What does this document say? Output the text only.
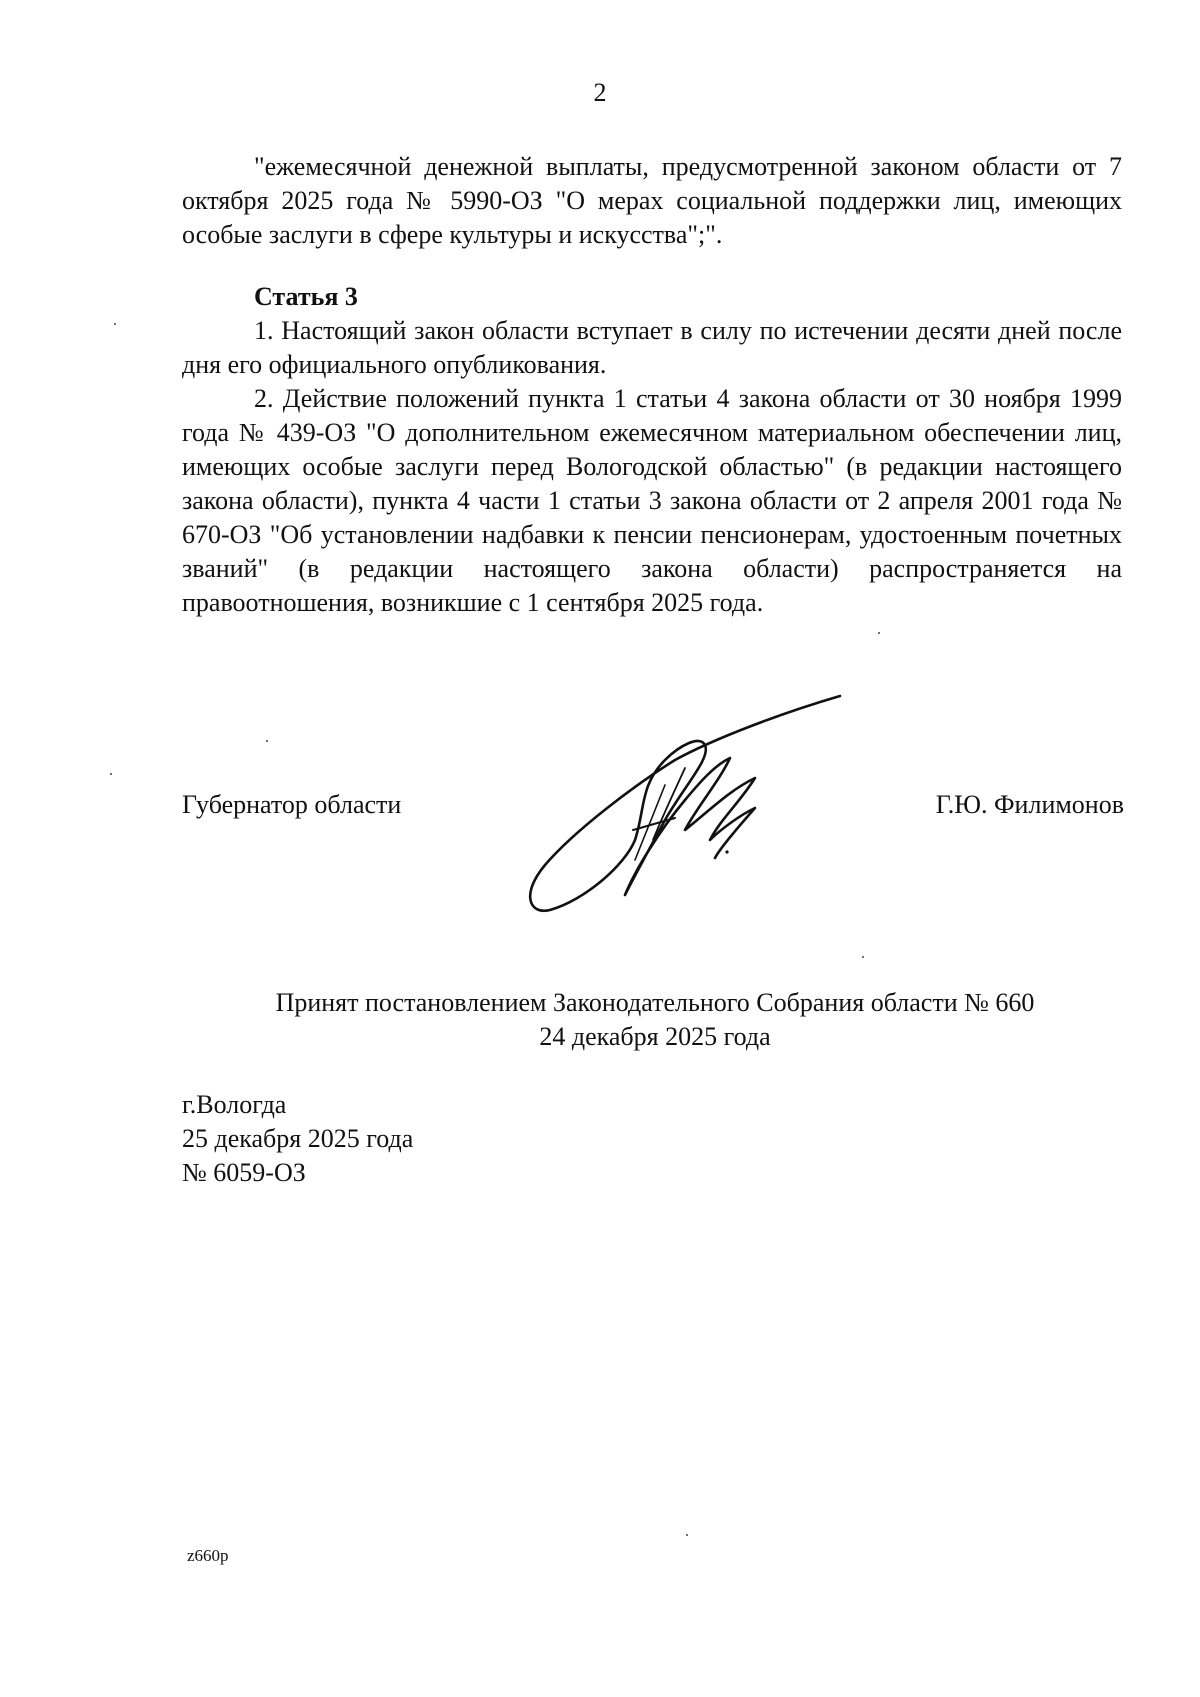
2
"ежемесячной денежной выплаты, предусмотренной законом области от 7 октября 2025 года № 5990-ОЗ "О мерах социальной поддержки лиц, имеющих особые заслуги в сфере культуры и искусства";".
Статья 3
1. Настоящий закон области вступает в силу по истечении десяти дней после дня его официального опубликования.
2. Действие положений пункта 1 статьи 4 закона области от 30 ноября 1999 года № 439-ОЗ "О дополнительном ежемесячном материальном обеспечении лиц, имеющих особые заслуги перед Вологодской областью" (в редакции настоящего закона области), пункта 4 части 1 статьи 3 закона области от 2 апреля 2001 года № 670-ОЗ "Об установлении надбавки к пенсии пенсионерам, удостоенным почетных званий" (в редакции настоящего закона области) распространяется на правоотношения, возникшие с 1 сентября 2025 года.
Губернатор области	Г.Ю. Филимонов
Принят постановлением Законодательного Собрания области № 660
24 декабря 2025 года
г.Вологда
25 декабря 2025 года
№ 6059-ОЗ
z660p
